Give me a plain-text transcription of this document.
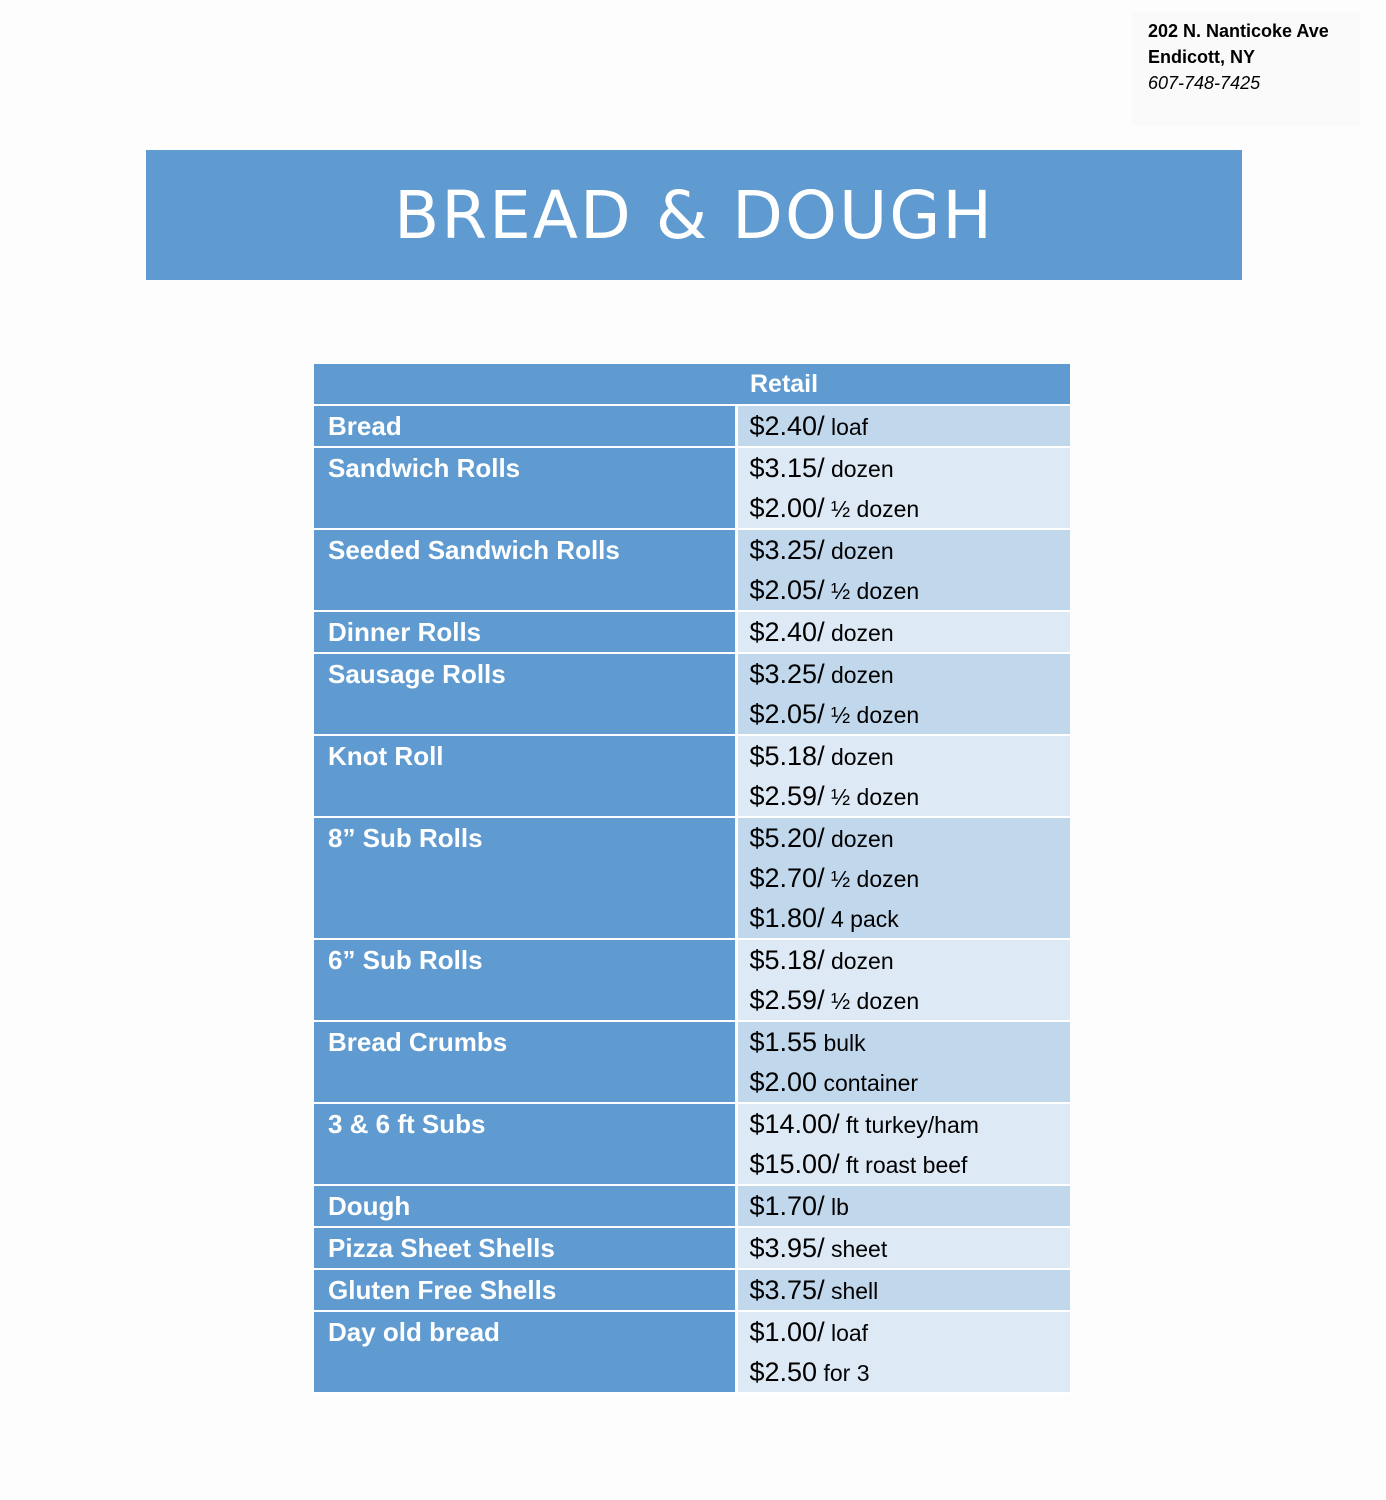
202 N. Nanticoke Ave
Endicott, NY
607-748-7425
BREAD & DOUGH
	Retail
Bread	$2.40/ loaf

Sandwich Rolls	$3.15/ dozen
$2.00/ ½ dozen

Seeded Sandwich Rolls	$3.25/ dozen
$2.05/ ½ dozen

Dinner Rolls	$2.40/ dozen

Sausage Rolls	$3.25/ dozen
$2.05/ ½ dozen

Knot Roll	$5.18/ dozen
$2.59/ ½ dozen

8” Sub Rolls	$5.20/ dozen
$2.70/ ½ dozen
$1.80/ 4 pack

6” Sub Rolls	$5.18/ dozen
$2.59/ ½ dozen

Bread Crumbs	$1.55 bulk
$2.00 container

3 & 6 ft Subs	$14.00/ ft turkey/ham
$15.00/ ft roast beef

Dough	$1.70/ lb

Pizza Sheet Shells	$3.95/ sheet

Gluten Free Shells	$3.75/ shell

Day old bread	$1.00/ loaf
$2.50 for 3
